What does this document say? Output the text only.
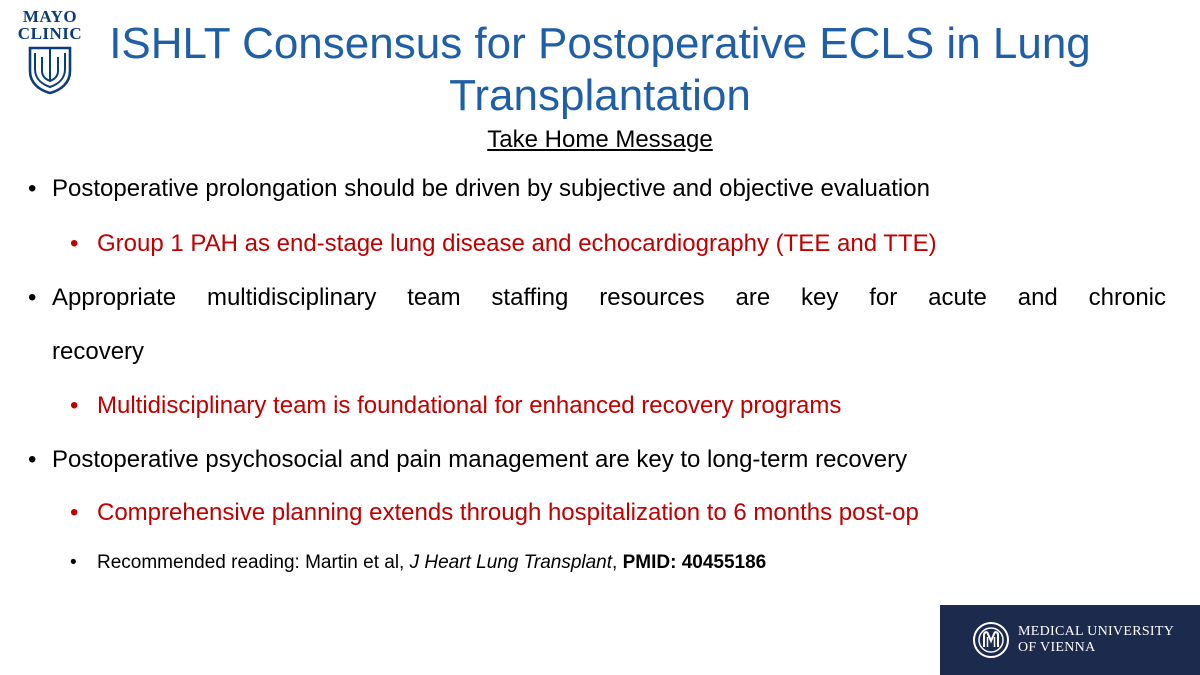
MAYO
CLINIC ISHLT Consensus for Postoperative ECLS in Lung Transplantation
Take Home Message
• Postoperative prolongation should be driven by subjective and objective evaluation
• Group 1 PAH as end-stage lung disease and echocardiography (TEE and TTE)
• Appropriate multidisciplinary team staffing resources are key for acute and chronic
recovery
• Multidisciplinary team is foundational for enhanced recovery programs
• Postoperative psychosocial and pain management are key to long-term recovery
• Comprehensive planning extends through hospitalization to 6 months post-op
• Recommended reading: Martin et al, J Heart Lung Transplant, PMID: 40455186
MEDICAL UNIVERSITY
OF VIENNA
